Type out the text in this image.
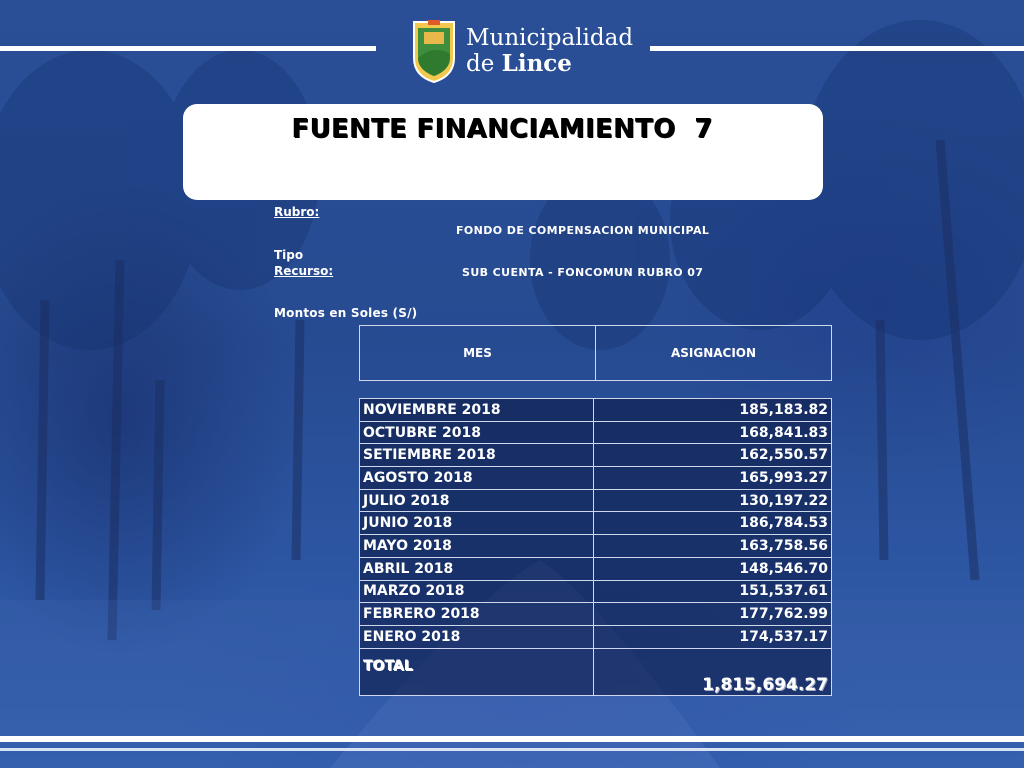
Municipalidad
de Lince
FUENTE FINANCIAMIENTO  7
Rubro:
FONDO DE COMPENSACION MUNICIPAL
Tipo
Recurso:	SUB CUENTA - FONCOMUN RUBRO 07
Montos en Soles (S/)
MES	ASIGNACION
NOVIEMBRE 2018	185,183.82
OCTUBRE 2018	168,841.83
SETIEMBRE 2018	162,550.57
AGOSTO 2018	165,993.27
JULIO 2018	130,197.22
JUNIO 2018	186,784.53
MAYO 2018	163,758.56
ABRIL 2018	148,546.70
MARZO 2018	151,537.61
FEBRERO 2018	177,762.99
ENERO 2018	174,537.17
TOTAL	1,815,694.27
